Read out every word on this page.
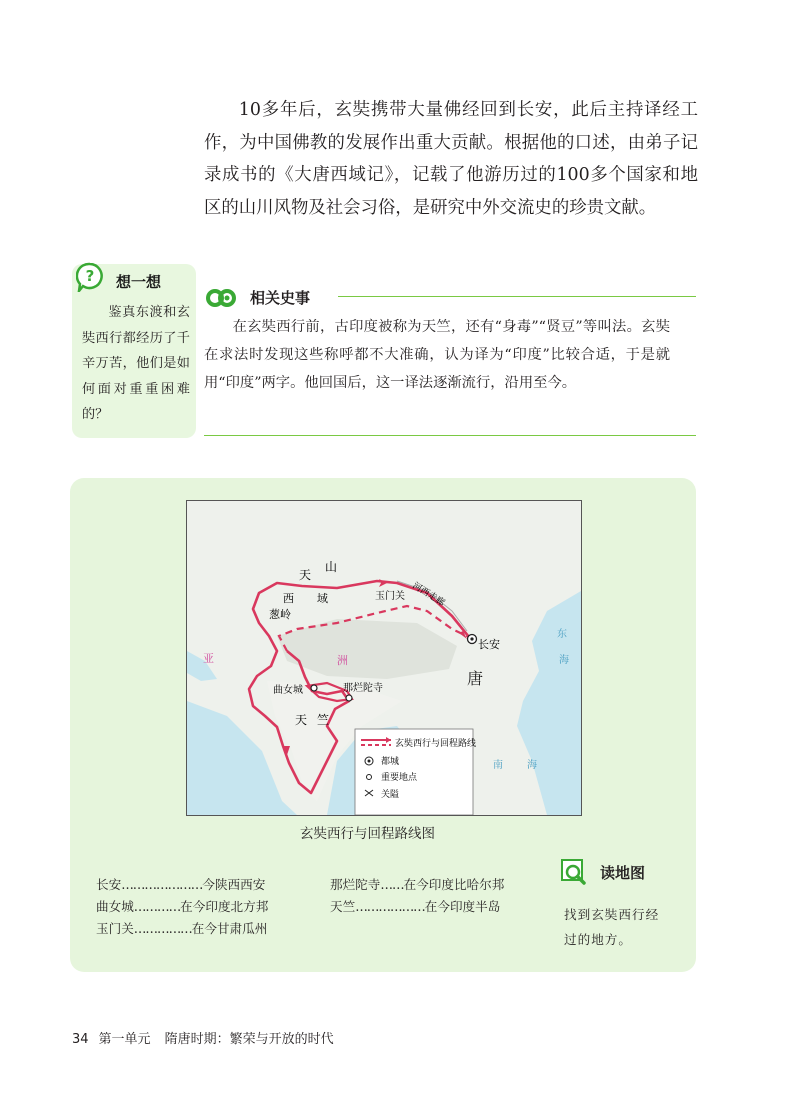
10多年后，玄奘携带大量佛经回到长安，此后主持译经工作，为中国佛教的发展作出重大贡献。根据他的口述，由弟子记录成书的《大唐西域记》，记载了他游历过的100多个国家和地区的山川风物及社会习俗，是研究中外交流史的珍贵文献。

? 想一想
鉴真东渡和玄奘西行都经历了千辛万苦，他们是如何面对重重困难的？
相关史事
在玄奘西行前，古印度被称为天竺，还有“身毒”“贤豆”等叫法。玄奘在求法时发现这些称呼都不大准确，认为译为“印度”比较合适，于是就用“印度”两字。他回国后，这一译法逐渐流行，沿用至今。
天
山
西 域
葱岭
玉门关 河西走廊
长安
唐
亚	洲
曲女城	那烂陀寺
天 竺
东
海
南 海
玄奘西行与回程路线
都城
重要地点
关隘
玄奘西行与回程路线图
长安…………………今陕西西安
曲女城…………在今印度北方邦
玉门关……………在今甘肃瓜州
那烂陀寺……在今印度比哈尔邦
天竺………………在今印度半岛
读地图
找到玄奘西行经过的地方。
34 第一单元 隋唐时期：繁荣与开放的时代
